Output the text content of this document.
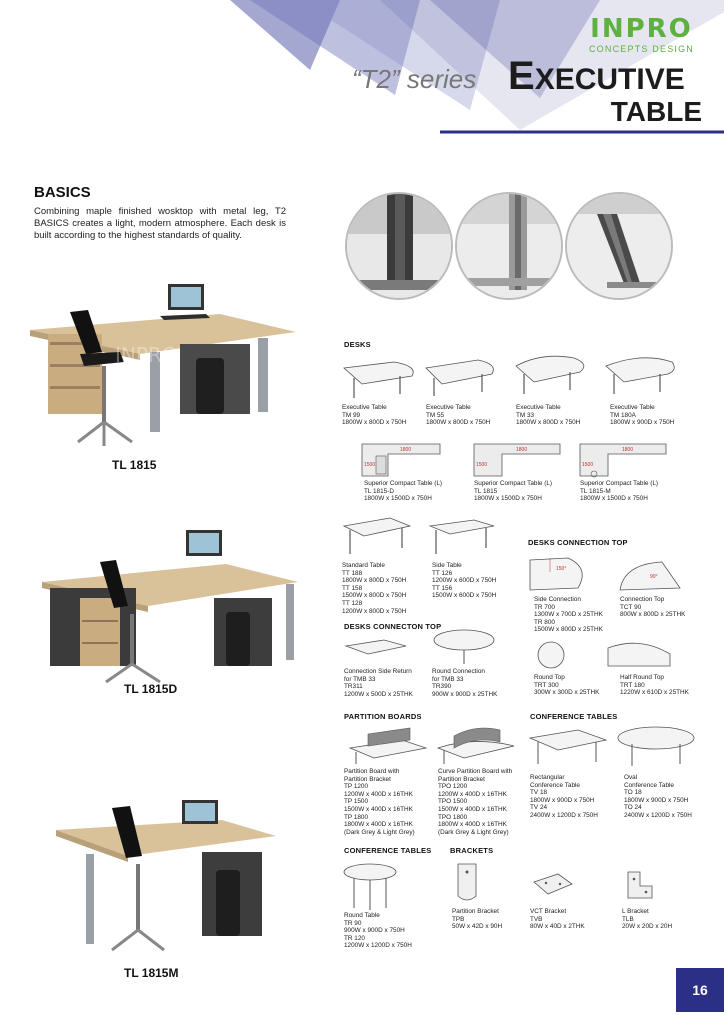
INPRO
CONCEPTS DESIGN
“T2” series EXECUTIVE
TABLE
BASICS
Combining maple finished wosktop with metal leg, T2 BASICS creates a light, modern atmosphere. Each desk is built according to the highest standards of quality.
INPRO
TL 1815
TL 1815D
TL 1815M
DESKS
Executive Table
TM 99
1800W x 800D x 750H
Executive Table
TM 55
1800W x 800D x 750H
Executive Table
TM 33
1800W x 800D x 750H
Executive Table
TM 180A
1800W x 900D x 750H
1800
1500
Superior Compact Table (L)
TL 1815-D
1800W x 1500D x 750H
1800
1500
Superior Compact Table (L)
TL 1815
1800W x 1500D x 750H
1800
1500
Superior Compact Table (L)
TL 1815-M
1800W x 1500D x 750H
Standard Table
TT 188
1800W x 800D x 750H
TT 158
1500W x 800D x 750H
TT 128
1200W x 800D x 750H
Side Table
TT 126
1200W x 600D x 750H
TT 156
1500W x 600D x 750H
DESKS CONNECTION TOP
150°
Side Connection
TR 700
1300W x 700D x 25THK
TR 800
1500W x 800D x 25THK
90°
Connection Top
TCT 90
800W x 800D x 25THK
DESKS CONNECTON TOP
Connection Side Return
for TMB 33
TR311
1200W x 500D x 25THK
Round Connection
for TMB 33
TR390
900W x 900D x 25THK
Round Top
TRT 300
300W x 300D x 25THK
Half Round Top
TRT 180
1220W x 610D x 25THK
PARTITION BOARDS
Partition Board with
Partition Bracket
TP 1200
1200W x 400D x 16THK
TP 1500
1500W x 400D x 16THK
TP 1800
1800W x 400D x 16THK
(Dark Grey & Light Grey)
Curve Partition Board with
Partition Bracket
TPO 1200
1200W x 400D x 16THK
TPO 1500
1500W x 400D x 16THK
TPO 1800
1800W x 400D x 16THK
(Dark Grey & Light Grey)
CONFERENCE TABLES
Rectangular
Conference Table
TV 18
1800W x 900D x 750H
TV 24
2400W x 1200D x 750H
Oval
Conference Table
TO 18
1800W x 900D x 750H
TO 24
2400W x 1200D x 750H
CONFERENCE TABLES BRACKETS
Round Table
TR 90
900W x 900D x 750H
TR 120
1200W x 1200D x 750H
Partition Bracket
TPB
50W x 42D x 90H
VCT Bracket
TVB
80W x 40D x 2THK
L Bracket
TLB
20W x 20D x 20H
16
